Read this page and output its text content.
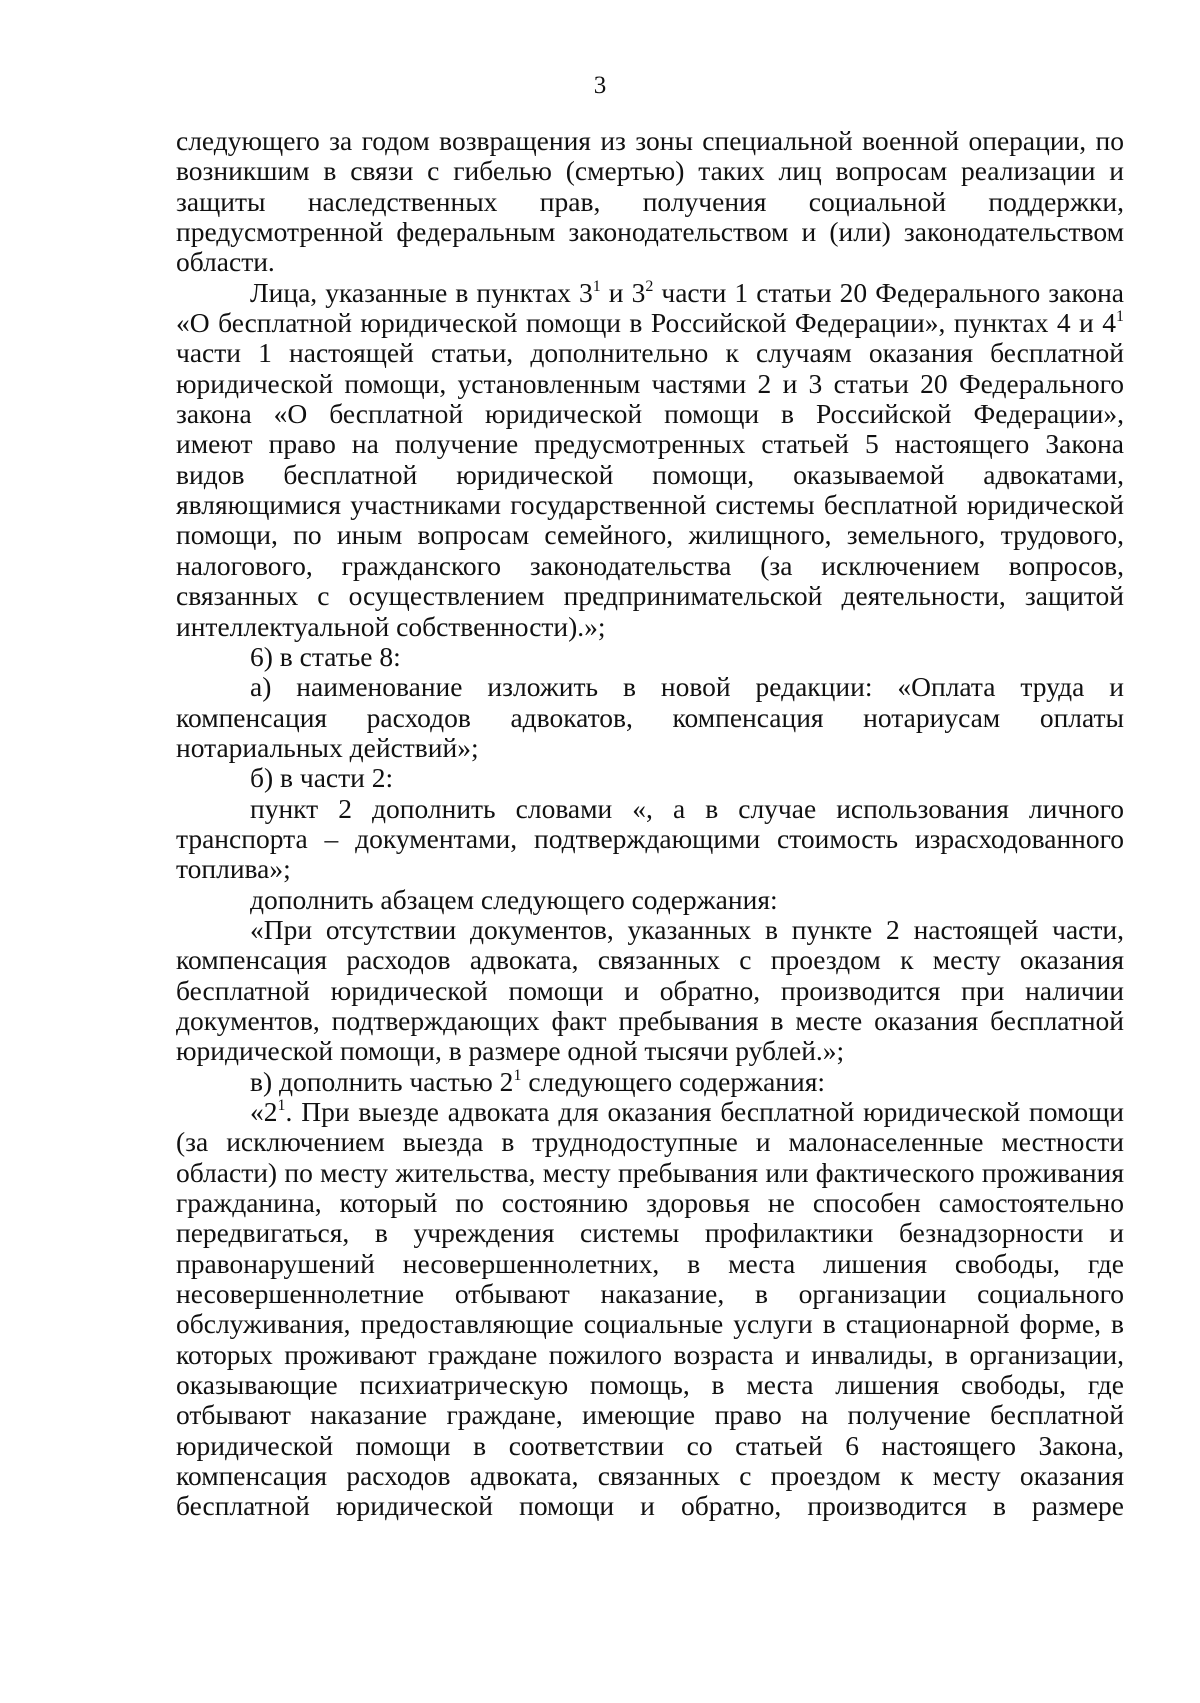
3
следующего за годом возвращения из зоны специальной военной операции, по
возникшим в связи с гибелью (смертью) таких лиц вопросам реализации и
защиты наследственных прав, получения социальной поддержки,
предусмотренной федеральным законодательством и (или) законодательством
области.
Лица, указанные в пунктах $3^1$ и $3^2$ части 1 статьи 20 Федерального закона
«О бесплатной юридической помощи в Российской Федерации», пунктах 4 и $4^1$
части 1 настоящей статьи, дополнительно к случаям оказания бесплатной
юридической помощи, установленным частями 2 и 3 статьи 20 Федерального
закона «О бесплатной юридической помощи в Российской Федерации»,
имеют право на получение предусмотренных статьей 5 настоящего Закона
видов бесплатной юридической помощи, оказываемой адвокатами,
являющимися участниками государственной системы бесплатной юридической
помощи, по иным вопросам семейного, жилищного, земельного, трудового,
налогового, гражданского законодательства (за исключением вопросов,
связанных с осуществлением предпринимательской деятельности, защитой
интеллектуальной собственности).»;
6) в статье 8:
а) наименование изложить в новой редакции: «Оплата труда и
компенсация расходов адвокатов, компенсация нотариусам оплаты
нотариальных действий»;
б) в части 2:
пункт 2 дополнить словами «, а в случае использования личного
транспорта – документами, подтверждающими стоимость израсходованного
топлива»;
дополнить абзацем следующего содержания:
«При отсутствии документов, указанных в пункте 2 настоящей части,
компенсация расходов адвоката, связанных с проездом к месту оказания
бесплатной юридической помощи и обратно, производится при наличии
документов, подтверждающих факт пребывания в месте оказания бесплатной
юридической помощи, в размере одной тысячи рублей.»;
в) дополнить частью $2^1$ следующего содержания:
«$2^1$. При выезде адвоката для оказания бесплатной юридической помощи
(за исключением выезда в труднодоступные и малонаселенные местности
области) по месту жительства, месту пребывания или фактического проживания
гражданина, который по состоянию здоровья не способен самостоятельно
передвигаться, в учреждения системы профилактики безнадзорности и
правонарушений несовершеннолетних, в места лишения свободы, где
несовершеннолетние отбывают наказание, в организации социального
обслуживания, предоставляющие социальные услуги в стационарной форме, в
которых проживают граждане пожилого возраста и инвалиды, в организации,
оказывающие психиатрическую помощь, в места лишения свободы, где
отбывают наказание граждане, имеющие право на получение бесплатной
юридической помощи в соответствии со статьей 6 настоящего Закона,
компенсация расходов адвоката, связанных с проездом к месту оказания
бесплатной юридической помощи и обратно, производится в размере
